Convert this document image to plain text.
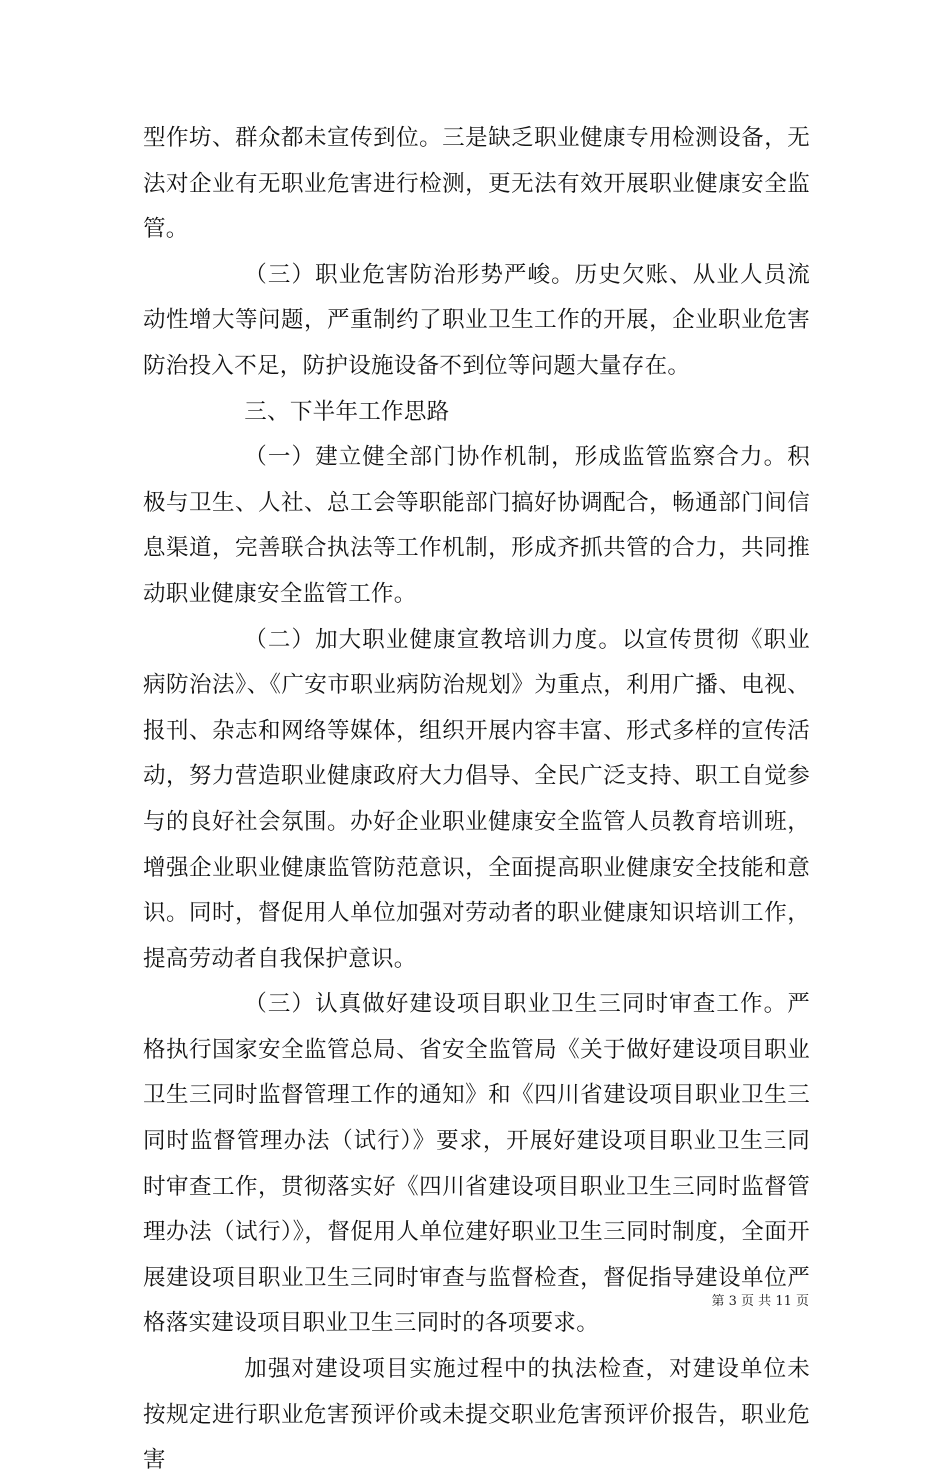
型作坊、群众都未宣传到位。三是缺乏职业健康专用检测设备，无法对企业有无职业危害进行检测，更无法有效开展职业健康安全监管。

（三）职业危害防治形势严峻。历史欠账、从业人员流动性增大等问题，严重制约了职业卫生工作的开展，企业职业危害防治投入不足，防护设施设备不到位等问题大量存在。

三、下半年工作思路

（一）建立健全部门协作机制，形成监管监察合力。积极与卫生、人社、总工会等职能部门搞好协调配合，畅通部门间信息渠道，完善联合执法等工作机制，形成齐抓共管的合力，共同推动职业健康安全监管工作。

（二）加大职业健康宣教培训力度。以宣传贯彻《职业病防治法》、《广安市职业病防治规划》为重点，利用广播、电视、报刊、杂志和网络等媒体，组织开展内容丰富、形式多样的宣传活动，努力营造职业健康政府大力倡导、全民广泛支持、职工自觉参与的良好社会氛围。办好企业职业健康安全监管人员教育培训班，增强企业职业健康监管防范意识，全面提高职业健康安全技能和意识。同时，督促用人单位加强对劳动者的职业健康知识培训工作，提高劳动者自我保护意识。

（三）认真做好建设项目职业卫生三同时审查工作。严格执行国家安全监管总局、省安全监管局《关于做好建设项目职业卫生三同时监督管理工作的通知》和《四川省建设项目职业卫生三同时监督管理办法（试行）》要求，开展好建设项目职业卫生三同时审查工作，贯彻落实好《四川省建设项目职业卫生三同时监督管理办法（试行）》，督促用人单位建好职业卫生三同时制度，全面开展建设项目职业卫生三同时审查与监督检查，督促指导建设单位严格落实建设项目职业卫生三同时的各项要求。

加强对建设项目实施过程中的执法检查，对建设单位未按规定进行职业危害预评价或未提交职业危害预评价报告，职业危害

第 3 页 共 11 页
